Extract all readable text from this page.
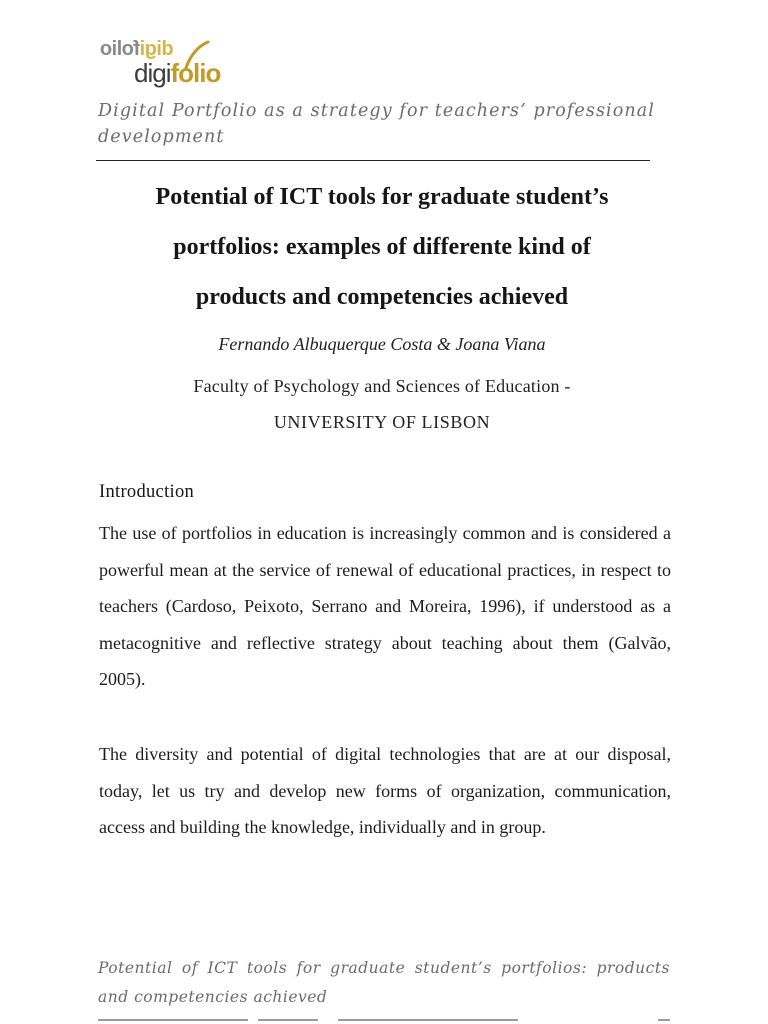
digifolio
digifolio
Digital Portfolio as a strategy for teachers’ professional development
Potential of ICT tools for graduate student’s
portfolios: examples of differente kind of
products and competencies achieved
Fernando Albuquerque Costa & Joana Viana
Faculty of Psychology and Sciences of Education -
UNIVERSITY OF LISBON
Introduction

The use of portfolios in education is increasingly common and is considered a powerful mean at the service of renewal of educational practices, in respect to teachers (Cardoso, Peixoto, Serrano and Moreira, 1996), if understood as a metacognitive and reflective strategy about teaching about them (Galvão, 2005).

The diversity and potential of digital technologies that are at our disposal, today, let us try and develop new forms of organization, communication, access and building the knowledge, individually and in group.

Potential of ICT tools for graduate student’s portfolios: products and competencies achieved
